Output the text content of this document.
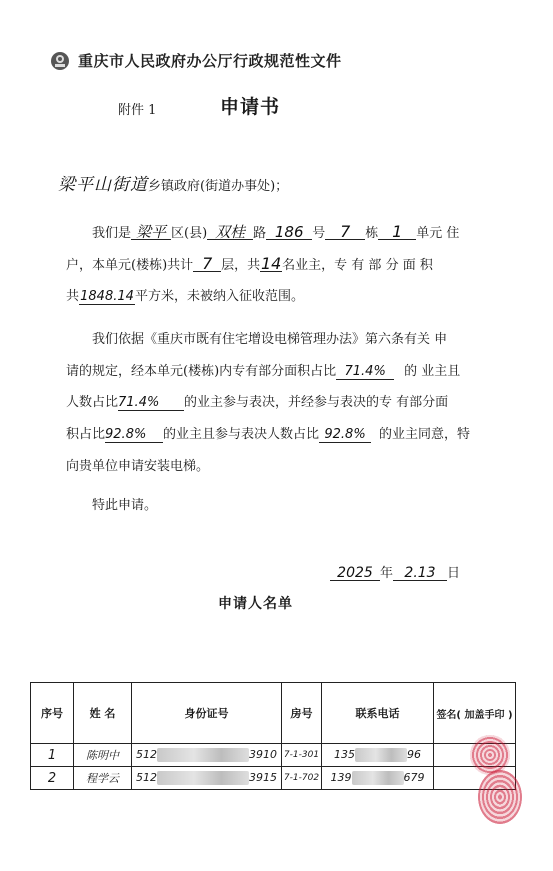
重庆市人民政府办公厅行政规范性文件
附件 1	申请书
梁平山街道乡镇政府(街道办事处)；
我们是 梁平 区(县) 双桂 路 186 号 7 栋 1 单元 住
户，本单元(楼栋)共计 7 层，共14名业主，专 有 部 分 面 积
共1848.14平方米，未被纳入征收范围。
我们依据《重庆市既有住宅增设电梯管理办法》第六条有关 申
请的规定，经本单元(楼栋)内专有部分面积占比 71.4% 的 业主且
人数占比71.4% 的业主参与表决，并经参与表决的专 有部分面
积占比92.8% 的业主且参与表决人数占比 92.8% 的业主同意，特
向贵单位申请安装电梯。
特此申请。
2025 年 2.13 日
申请人名单
序号	姓 名	身份证号	房号	联系电话	签名( 加盖手印 )
1	陈明中	512 3910	7-1-301	135 96	
2	程学云	512 3915	7-1-702	139 679	
